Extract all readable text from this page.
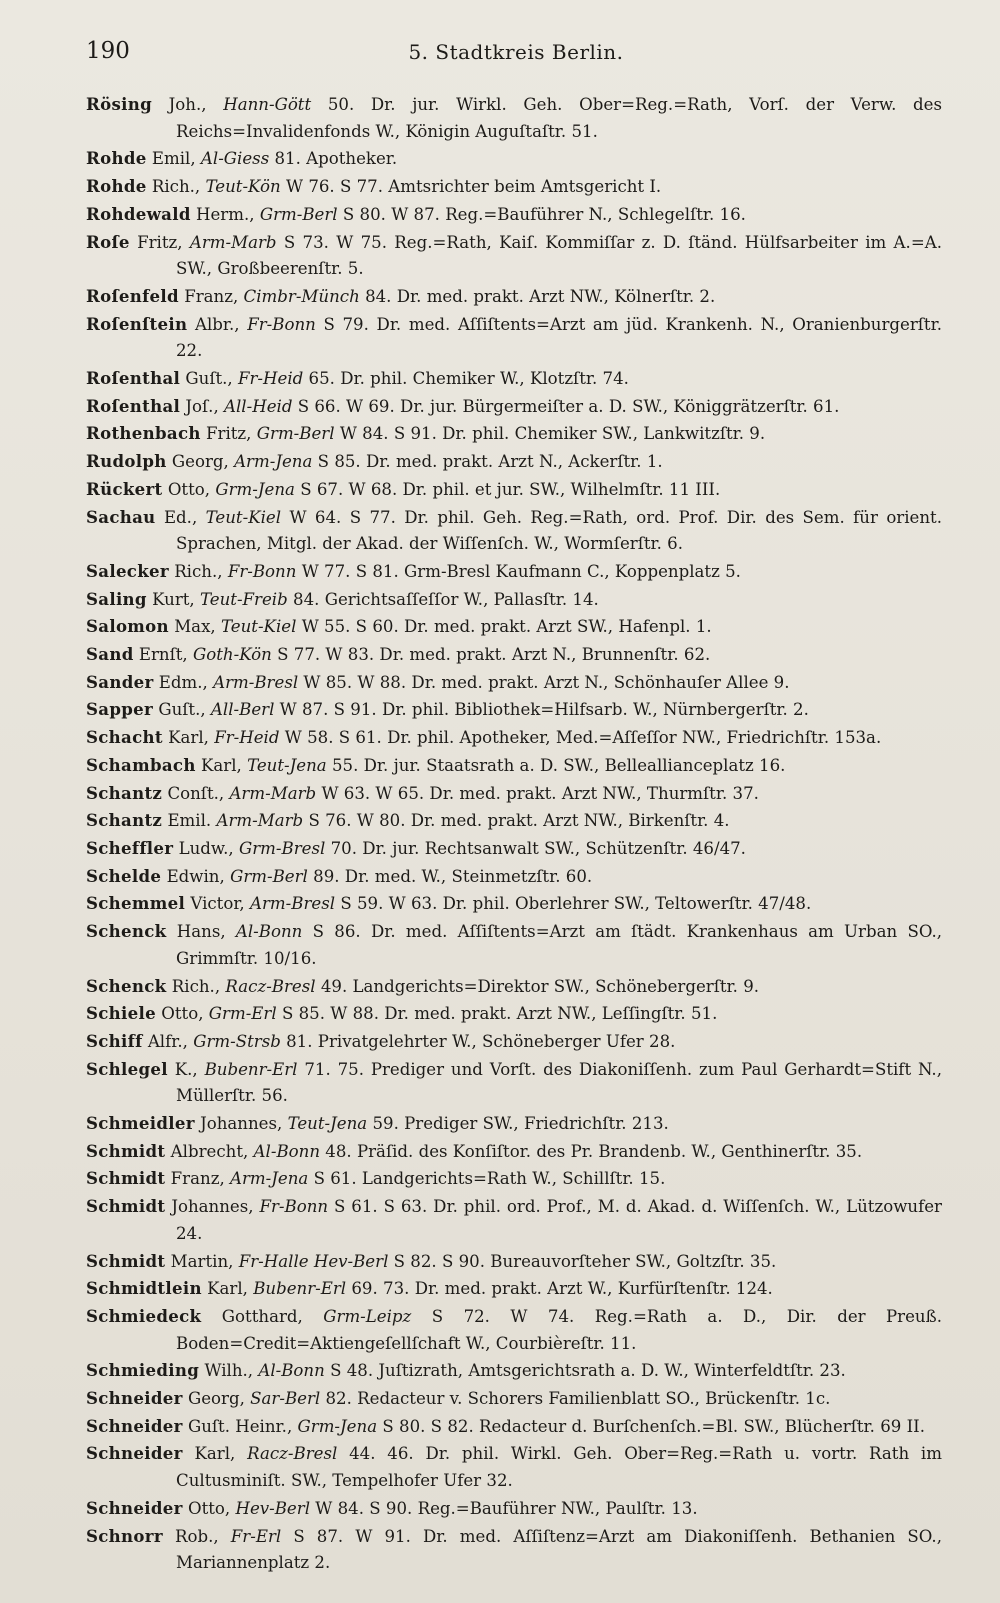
190	5. Stadtkreis Berlin.
Rösing Joh., Hann-Gött 50. Dr. jur. Wirkl. Geh. Ober=Reg.=Rath, Vorſ. der Verw. des Reichs=Invalidenfonds W., Königin Auguſtaſtr. 51.
Rohde Emil, Al-Giess 81. Apotheker.
Rohde Rich., Teut-Kön W 76. S 77. Amtsrichter beim Amtsgericht I.
Rohdewald Herm., Grm-Berl S 80. W 87. Reg.=Bauführer N., Schlegelſtr. 16.
Roſe Fritz, Arm-Marb S 73. W 75. Reg.=Rath, Kaiſ. Kommiſſar z. D. ſtänd. Hülfsarbeiter im A.=A. SW., Großbeerenſtr. 5.
Roſenfeld Franz, Cimbr-Münch 84. Dr. med. prakt. Arzt NW., Kölnerſtr. 2.
Roſenſtein Albr., Fr-Bonn S 79. Dr. med. Aſſiſtents=Arzt am jüd. Krankenh. N., Oranienburgerſtr. 22.
Roſenthal Guſt., Fr-Heid 65. Dr. phil. Chemiker W., Klotzſtr. 74.
Roſenthal Joſ., All-Heid S 66. W 69. Dr. jur. Bürgermeiſter a. D. SW., Königgrätzerſtr. 61.
Rothenbach Fritz, Grm-Berl W 84. S 91. Dr. phil. Chemiker SW., Lankwitzſtr. 9.
Rudolph Georg, Arm-Jena S 85. Dr. med. prakt. Arzt N., Ackerſtr. 1.
Rückert Otto, Grm-Jena S 67. W 68. Dr. phil. et jur. SW., Wilhelmſtr. 11 III.
Sachau Ed., Teut-Kiel W 64. S 77. Dr. phil. Geh. Reg.=Rath, ord. Prof. Dir. des Sem. für orient. Sprachen, Mitgl. der Akad. der Wiſſenſch. W., Wormſerſtr. 6.
Salecker Rich., Fr-Bonn W 77. S 81. Grm-Bresl Kaufmann C., Koppenplatz 5.
Saling Kurt, Teut-Freib 84. Gerichtsaſſeſſor W., Pallasſtr. 14.
Salomon Max, Teut-Kiel W 55. S 60. Dr. med. prakt. Arzt SW., Hafenpl. 1.
Sand Ernſt, Goth-Kön S 77. W 83. Dr. med. prakt. Arzt N., Brunnenſtr. 62.
Sander Edm., Arm-Bresl W 85. W 88. Dr. med. prakt. Arzt N., Schönhauſer Allee 9.
Sapper Guſt., All-Berl W 87. S 91. Dr. phil. Bibliothek=Hilfsarb. W., Nürnbergerſtr. 2.
Schacht Karl, Fr-Heid W 58. S 61. Dr. phil. Apotheker, Med.=Aſſeſſor NW., Friedrichſtr. 153a.
Schambach Karl, Teut-Jena 55. Dr. jur. Staatsrath a. D. SW., Belleallianceplatz 16.
Schantz Conſt., Arm-Marb W 63. W 65. Dr. med. prakt. Arzt NW., Thurmſtr. 37.
Schantz Emil. Arm-Marb S 76. W 80. Dr. med. prakt. Arzt NW., Birkenſtr. 4.
Scheffler Ludw., Grm-Bresl 70. Dr. jur. Rechtsanwalt SW., Schützenſtr. 46/47.
Schelde Edwin, Grm-Berl 89. Dr. med. W., Steinmetzſtr. 60.
Schemmel Victor, Arm-Bresl S 59. W 63. Dr. phil. Oberlehrer SW., Teltowerſtr. 47/48.
Schenck Hans, Al-Bonn S 86. Dr. med. Aſſiſtents=Arzt am ſtädt. Krankenhaus am Urban SO., Grimmſtr. 10/16.
Schenck Rich., Racz-Bresl 49. Landgerichts=Direktor SW., Schönebergerſtr. 9.
Schiele Otto, Grm-Erl S 85. W 88. Dr. med. prakt. Arzt NW., Leſſingſtr. 51.
Schiff Alfr., Grm-Strsb 81. Privatgelehrter W., Schöneberger Ufer 28.
Schlegel K., Bubenr-Erl 71. 75. Prediger und Vorſt. des Diakoniſſenh. zum Paul Gerhardt=Stift N., Müllerſtr. 56.
Schmeidler Johannes, Teut-Jena 59. Prediger SW., Friedrichſtr. 213.
Schmidt Albrecht, Al-Bonn 48. Präſid. des Konſiſtor. des Pr. Brandenb. W., Genthinerſtr. 35.
Schmidt Franz, Arm-Jena S 61. Landgerichts=Rath W., Schillſtr. 15.
Schmidt Johannes, Fr-Bonn S 61. S 63. Dr. phil. ord. Prof., M. d. Akad. d. Wiſſenſch. W., Lützowufer 24.
Schmidt Martin, Fr-Halle Hev-Berl S 82. S 90. Bureauvorſteher SW., Goltzſtr. 35.
Schmidtlein Karl, Bubenr-Erl 69. 73. Dr. med. prakt. Arzt W., Kurfürſtenſtr. 124.
Schmiedeck Gotthard, Grm-Leipz S 72. W 74. Reg.=Rath a. D., Dir. der Preuß. Boden=Credit=Aktiengeſellſchaft W., Courbièreſtr. 11.
Schmieding Wilh., Al-Bonn S 48. Juſtizrath, Amtsgerichtsrath a. D. W., Winterfeldtſtr. 23.
Schneider Georg, Sar-Berl 82. Redacteur v. Schorers Familienblatt SO., Brückenſtr. 1c.
Schneider Guſt. Heinr., Grm-Jena S 80. S 82. Redacteur d. Burſchenſch.=Bl. SW., Blücherſtr. 69 II.
Schneider Karl, Racz-Bresl 44. 46. Dr. phil. Wirkl. Geh. Ober=Reg.=Rath u. vortr. Rath im Cultusminiſt. SW., Tempelhofer Ufer 32.
Schneider Otto, Hev-Berl W 84. S 90. Reg.=Bauführer NW., Paulſtr. 13.
Schnorr Rob., Fr-Erl S 87. W 91. Dr. med. Aſſiſtenz=Arzt am Diakoniſſenh. Bethanien SO., Mariannenplatz 2.
